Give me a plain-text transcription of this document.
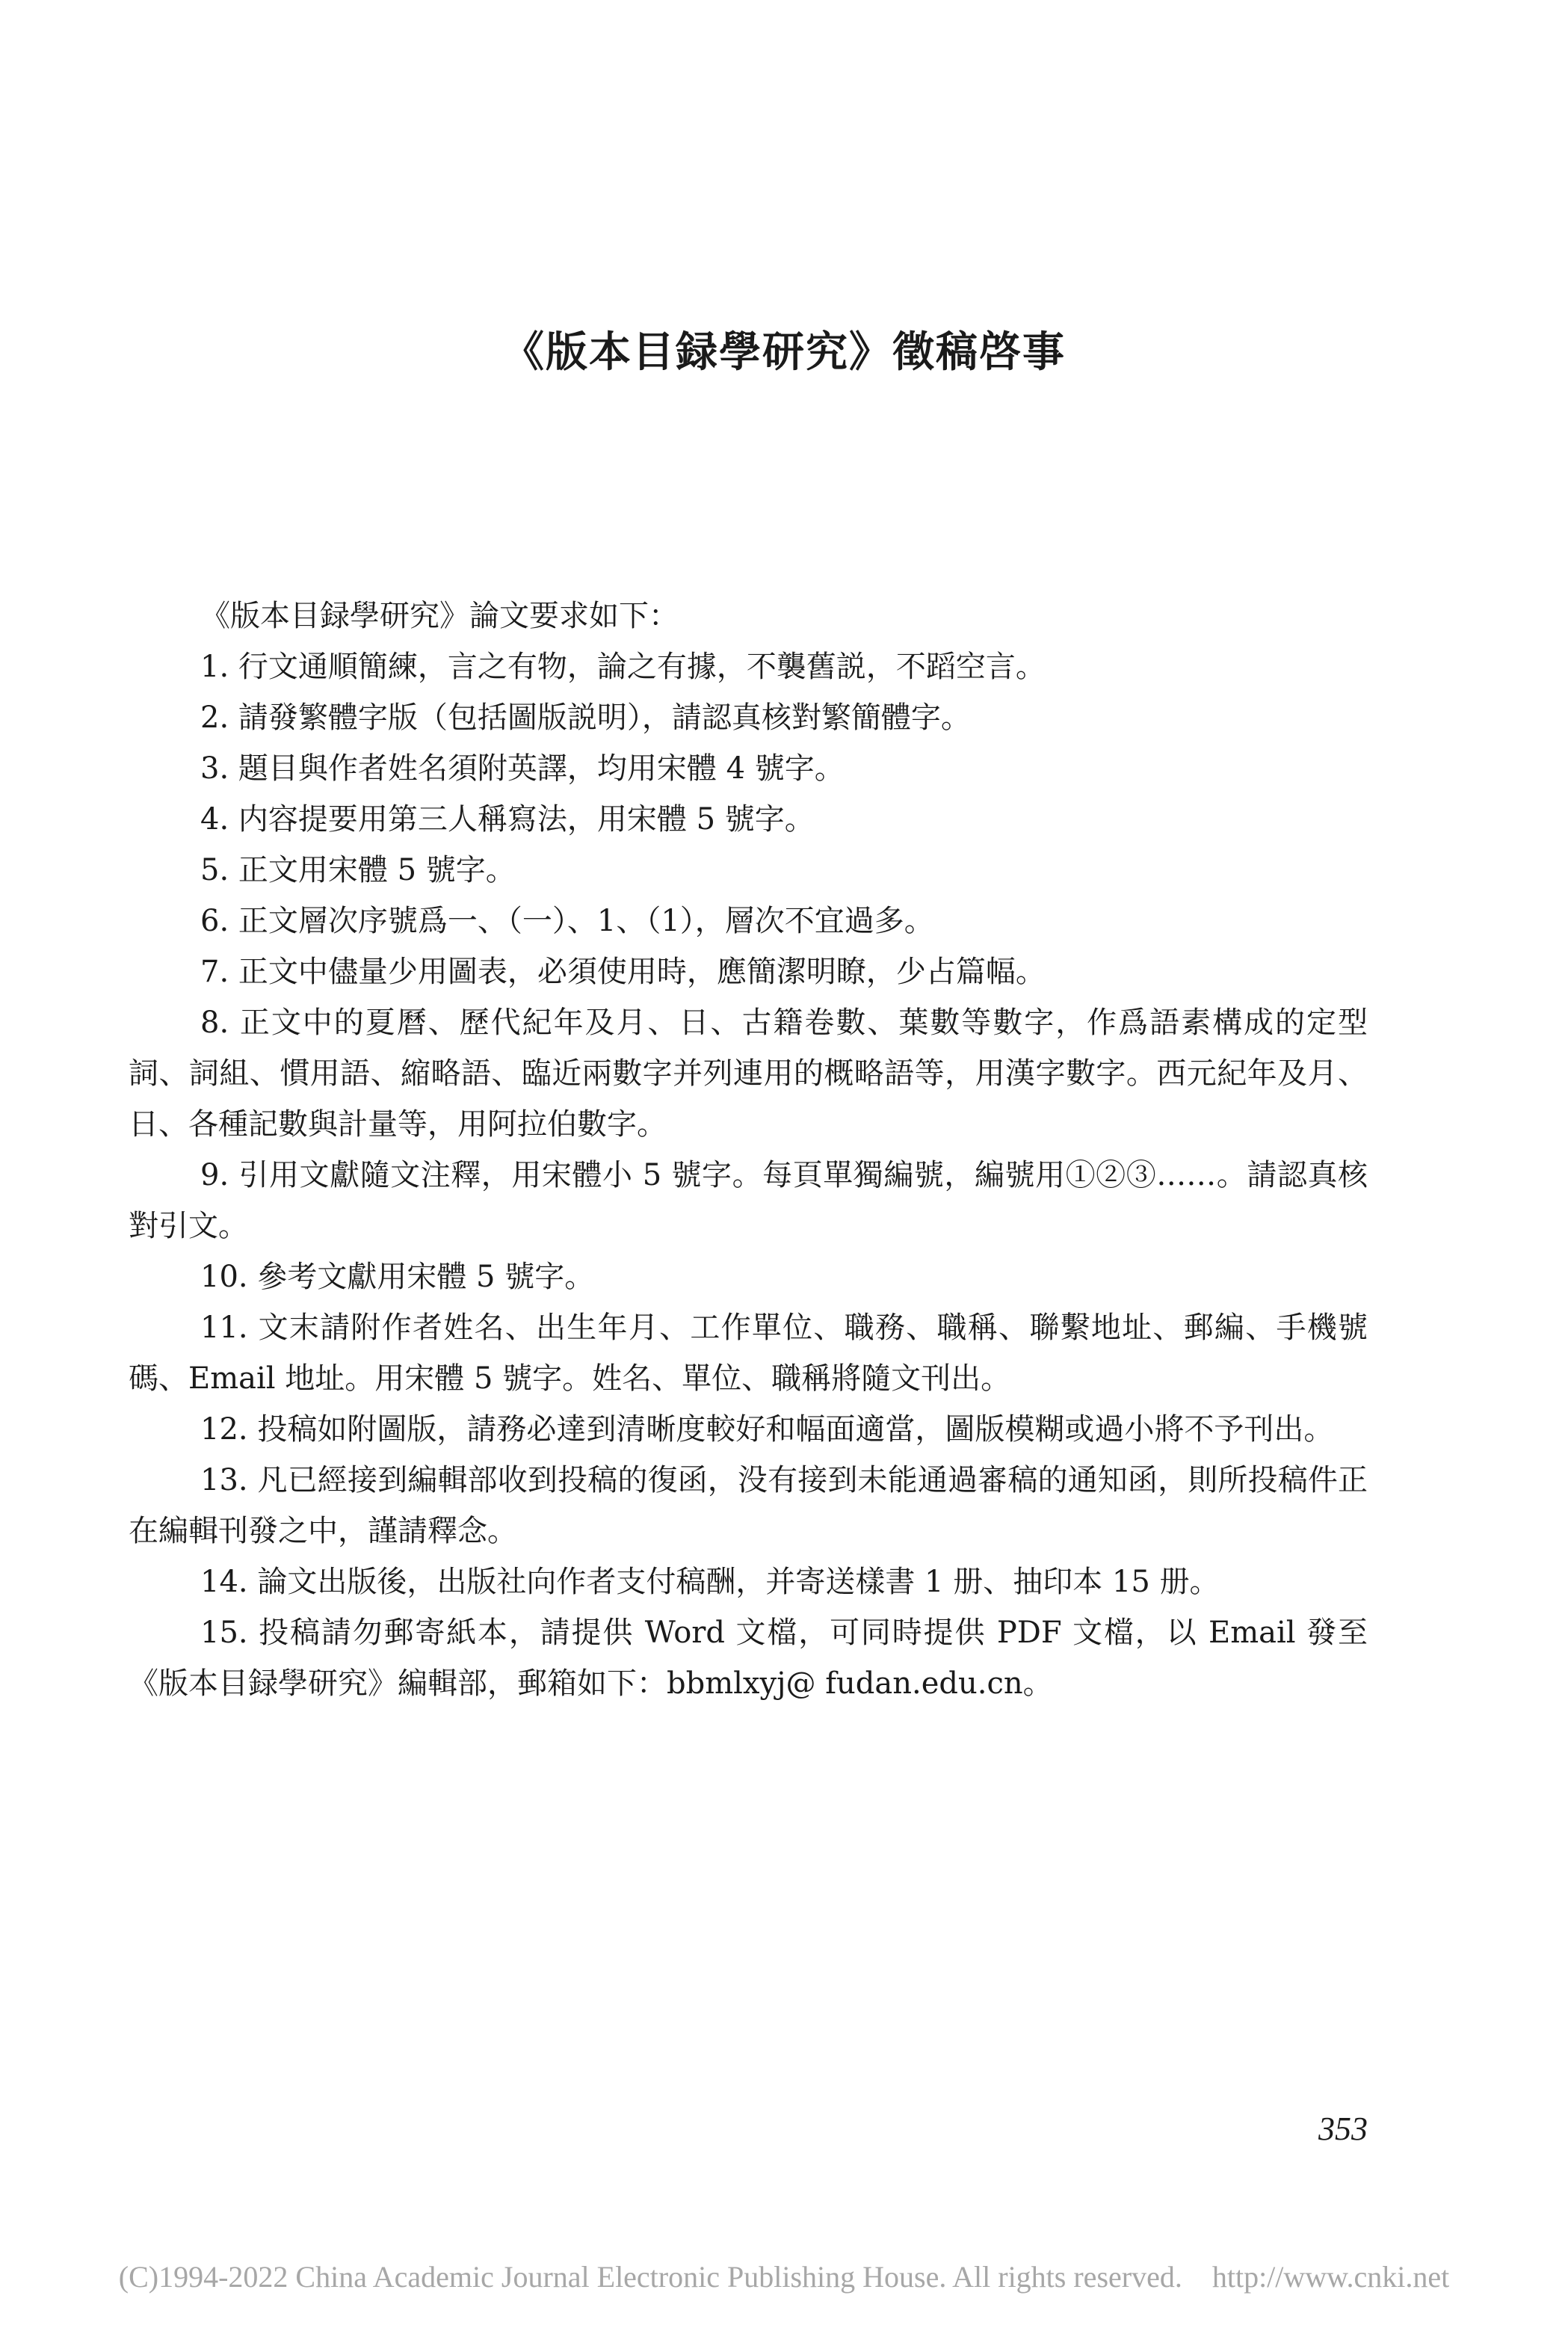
《版本目録學研究》徵稿啓事

《版本目録學研究》論文要求如下：

1. 行文通順簡練，言之有物，論之有據，不襲舊説，不蹈空言。

2. 請發繁體字版（包括圖版説明），請認真核對繁簡體字。

3. 題目與作者姓名須附英譯，均用宋體 4 號字。

4. 内容提要用第三人稱寫法，用宋體 5 號字。

5. 正文用宋體 5 號字。

6. 正文層次序號爲一、（一）、1、（1），層次不宜過多。

7. 正文中儘量少用圖表，必須使用時，應簡潔明瞭，少占篇幅。

8. 正文中的夏曆、歷代紀年及月、日、古籍卷數、葉數等數字，作爲語素構成的定型詞、詞組、慣用語、縮略語、臨近兩數字并列連用的概略語等，用漢字數字。西元紀年及月、日、各種記數與計量等，用阿拉伯數字。

9. 引用文獻隨文注釋，用宋體小 5 號字。每頁單獨編號，編號用①②③……。請認真核對引文。

10. 參考文獻用宋體 5 號字。

11. 文末請附作者姓名、出生年月、工作單位、職務、職稱、聯繫地址、郵編、手機號碼、Email 地址。用宋體 5 號字。姓名、單位、職稱將隨文刊出。

12. 投稿如附圖版，請務必達到清晰度較好和幅面適當，圖版模糊或過小將不予刊出。

13. 凡已經接到編輯部收到投稿的復函，没有接到未能通過審稿的通知函，則所投稿件正在編輯刊發之中，謹請釋念。

14. 論文出版後，出版社向作者支付稿酬，并寄送樣書 1 册、抽印本 15 册。

15. 投稿請勿郵寄紙本，請提供 Word 文檔，可同時提供 PDF 文檔，以 Email 發至《版本目録學研究》編輯部，郵箱如下：bbmlxyj@ fudan.edu.cn。

353
(C)1994-2022 China Academic Journal Electronic Publishing House. All rights reserved. http://www.cnki.net
